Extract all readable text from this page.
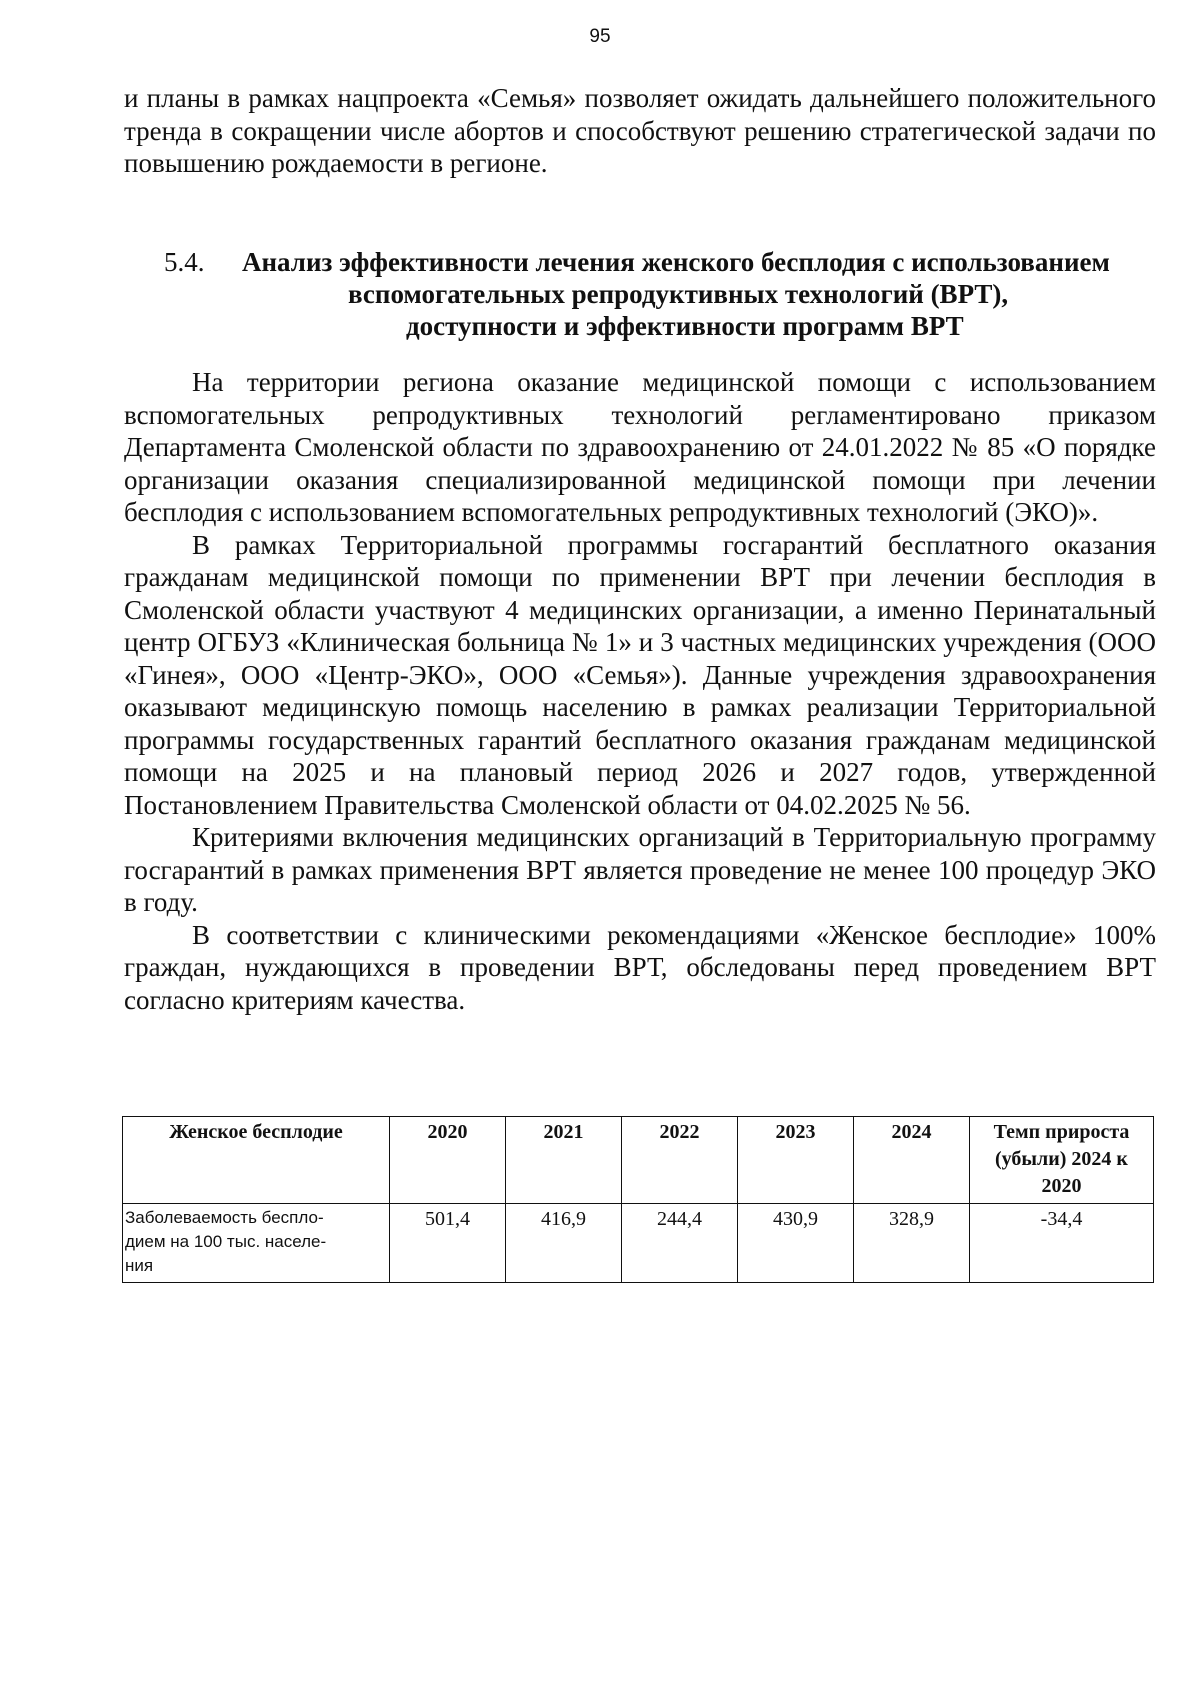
95

и планы в рамках нацпроекта «Семья» позволяет ожидать дальнейшего положительного тренда в сокращении числе абортов и способствуют решению стратегической задачи по повышению рождаемости в регионе.

5.4. Анализ эффективности лечения женского бесплодия с использованием
вспомогательных репродуктивных технологий (ВРТ),
доступности и эффективности программ ВРТ

На территории региона оказание медицинской помощи с использованием вспомогательных репродуктивных технологий регламентировано приказом Департамента Смоленской области по здравоохранению от 24.01.2022 № 85 «О порядке организации оказания специализированной медицинской помощи при лечении бесплодия с использованием вспомогательных репродуктивных технологий (ЭКО)».

В рамках Территориальной программы госгарантий бесплатного оказания гражданам медицинской помощи по применении ВРТ при лечении бесплодия в Смоленской области участвуют 4 медицинских организации, а именно Перинатальный центр ОГБУЗ «Клиническая больница № 1» и 3 частных медицинских учреждения (ООО «Гинея», ООО «Центр-ЭКО», ООО «Семья»). Данные учреждения здравоохранения оказывают медицинскую помощь населению в рамках реализации Территориальной программы государственных гарантий бесплатного оказания гражданам медицинской помощи на 2025 и на плановый период 2026 и 2027 годов, утвержденной Постановлением Правительства Смоленской области от 04.02.2025 № 56.

Критериями включения медицинских организаций в Территориальную программу госгарантий в рамках применения ВРТ является проведение не менее 100 процедур ЭКО в году.

В соответствии с клиническими рекомендациями «Женское бесплодие» 100% граждан, нуждающихся в проведении ВРТ, обследованы перед проведением ВРТ согласно критериям качества.

Женское бесплодие	2020	2021	2022	2023	2024	Темп прироста
(убыли) 2024 к
2020

Заболеваемость беспло-
дием на 100 тыс. населе-
ния	501,4	416,9	244,4	430,9	328,9	-34,4
